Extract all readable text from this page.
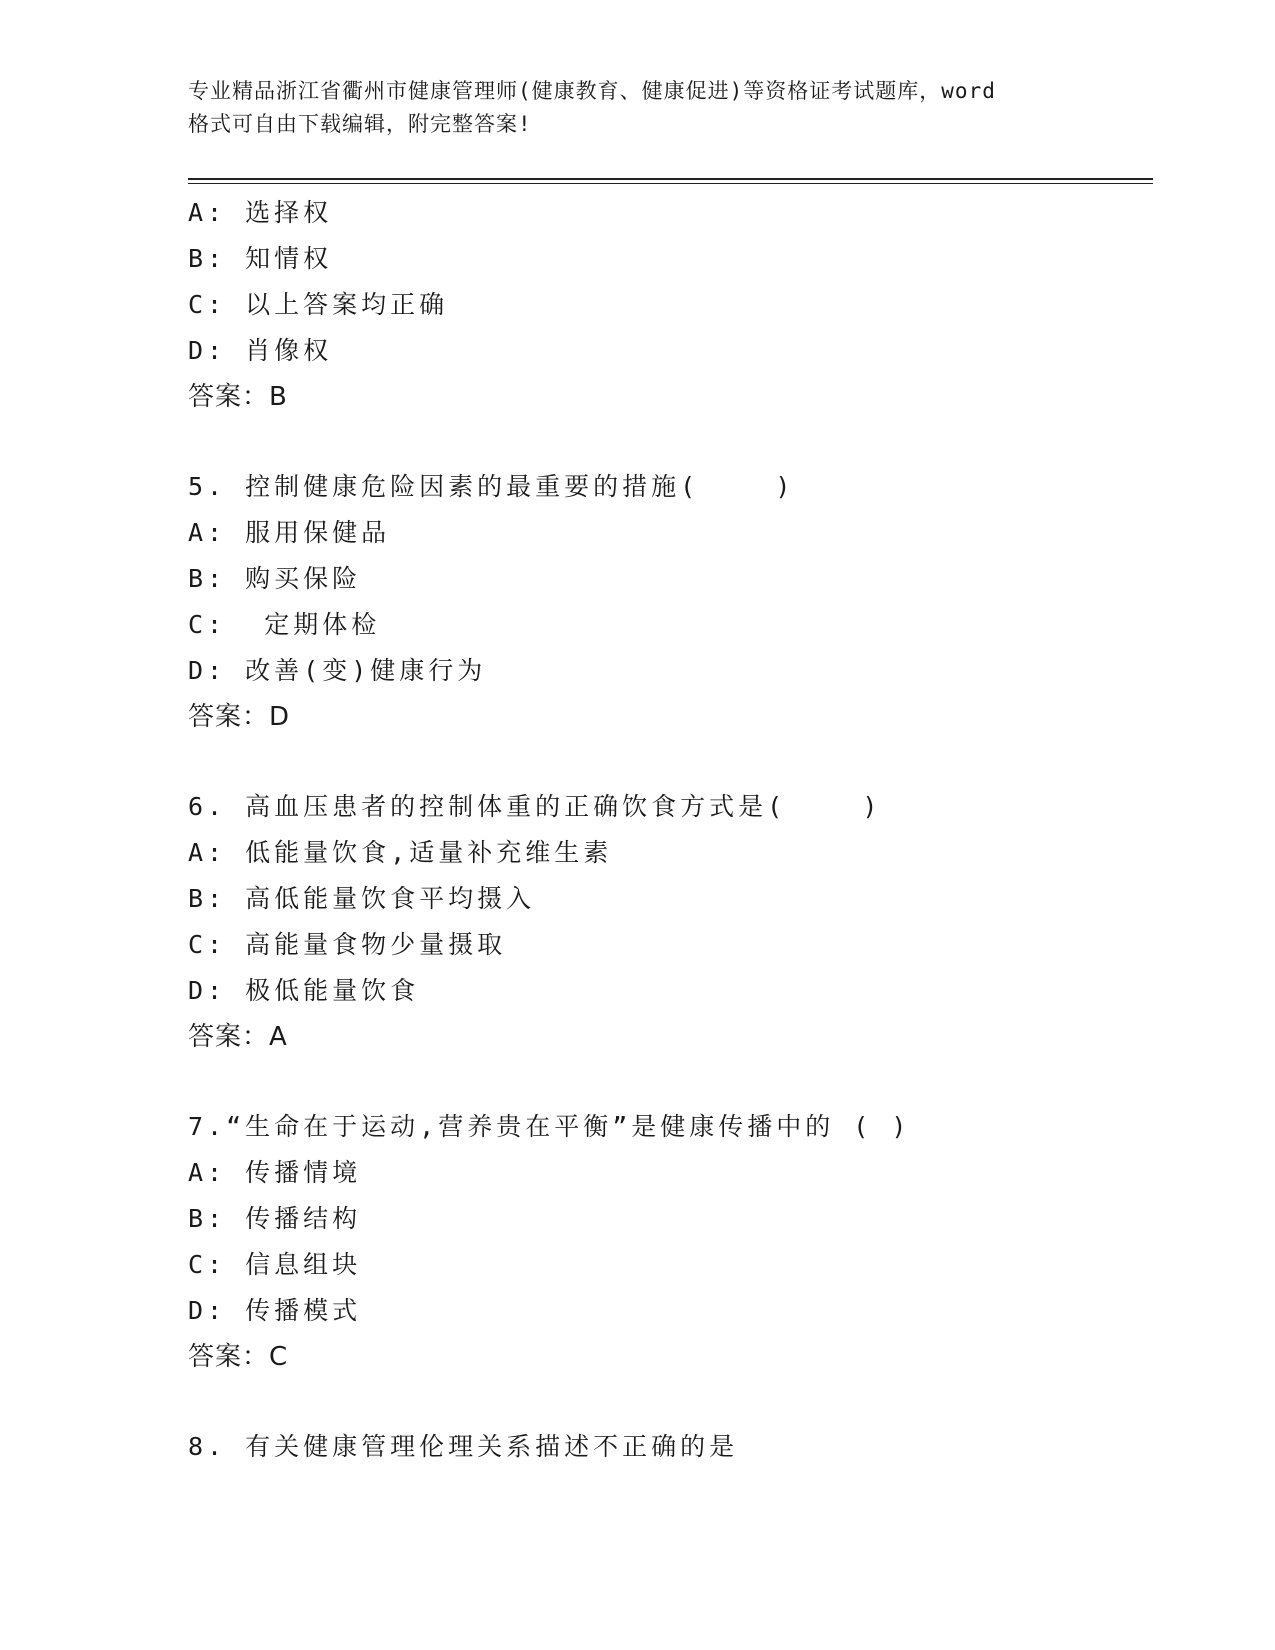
专业精品浙江省衢州市健康管理师(健康教育、健康促进)等资格证考试题库，word
格式可自由下载编辑，附完整答案!
A: 选择权
B: 知情权
C: 以上答案均正确
D: 肖像权
答案：B
5. 控制健康危险因素的最重要的措施(    )
A: 服用保健品
B: 购买保险
C:  定期体检
D: 改善(变)健康行为
答案：D
6. 高血压患者的控制体重的正确饮食方式是(    )
A: 低能量饮食,适量补充维生素
B: 高低能量饮食平均摄入
C: 高能量食物少量摄取
D: 极低能量饮食
答案：A
7.“生命在于运动,营养贵在平衡”是健康传播中的 ( )
A: 传播情境
B: 传播结构
C: 信息组块
D: 传播模式
答案：C
8. 有关健康管理伦理关系描述不正确的是
